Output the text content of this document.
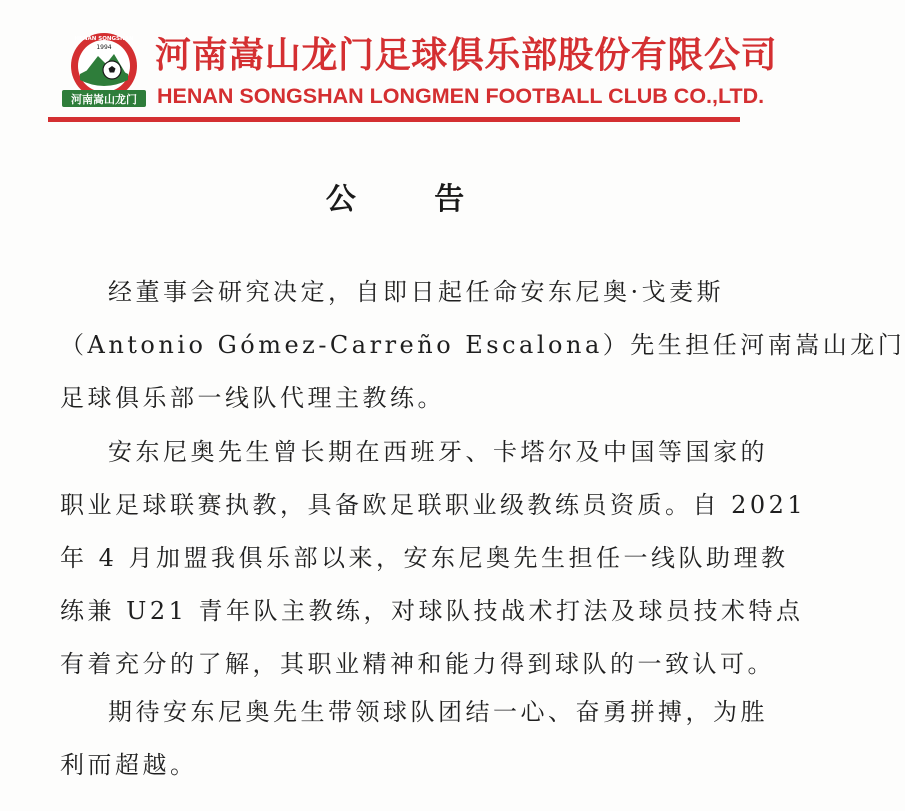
1994
HENAN SONGSHAN
河南嵩山龙门
河南嵩山龙门足球俱乐部股份有限公司
HENAN SONGSHAN LONGMEN FOOTBALL CLUB CO.,LTD.
公 告
经董事会研究决定，自即日起任命安东尼奥·戈麦斯
（Antonio Gómez-Carreño Escalona）先生担任河南嵩山龙门
足球俱乐部一线队代理主教练。
安东尼奥先生曾长期在西班牙、卡塔尔及中国等国家的
职业足球联赛执教，具备欧足联职业级教练员资质。自 2021
年 4 月加盟我俱乐部以来，安东尼奥先生担任一线队助理教
练兼 U21 青年队主教练，对球队技战术打法及球员技术特点
有着充分的了解，其职业精神和能力得到球队的一致认可。
期待安东尼奥先生带领球队团结一心、奋勇拼搏，为胜
利而超越。
